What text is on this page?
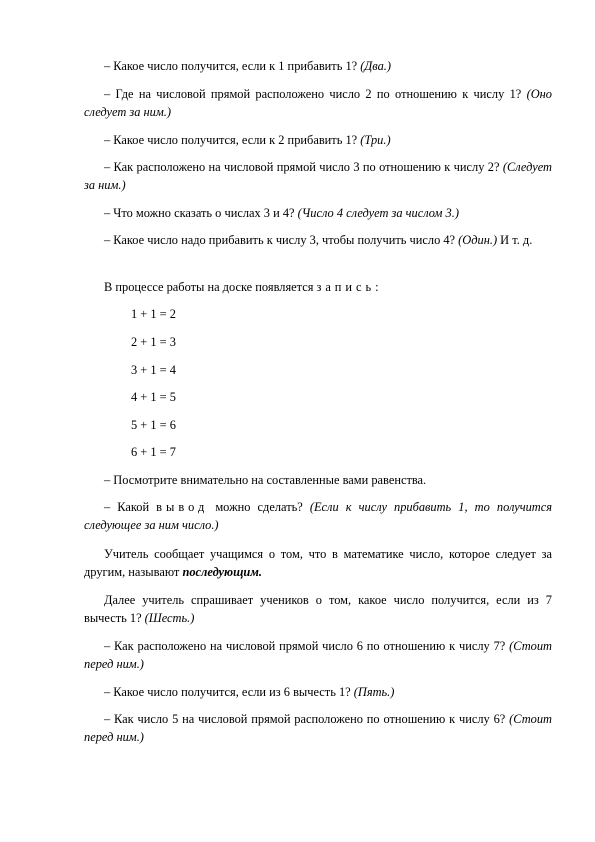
– Какое число получится, если к 1 прибавить 1? (Два.)

– Где на числовой прямой расположено число 2 по отношению к числу 1? (Оно следует за ним.)

– Какое число получится, если к 2 прибавить 1? (Три.)

– Как расположено на числовой прямой число 3 по отношению к числу 2? (Следует за ним.)

– Что можно сказать о числах 3 и 4? (Число 4 следует за числом 3.)

– Какое число надо прибавить к числу 3, чтобы получить число 4? (Один.) И т. д.

В процессе работы на доске появляется запись:

1 + 1 = 2

2 + 1 = 3

3 + 1 = 4

4 + 1 = 5

5 + 1 = 6

6 + 1 = 7

– Посмотрите внимательно на составленные вами равенства.

– Какой вывод можно сделать? (Если к числу прибавить 1, то получится следующее за ним число.)

Учитель сообщает учащимся о том, что в математике число, которое следует за другим, называют последующим.

Далее учитель спрашивает учеников о том, какое число получится, если из 7 вычесть 1? (Шесть.)

– Как расположено на числовой прямой число 6 по отношению к числу 7? (Стоит перед ним.)

– Какое число получится, если из 6 вычесть 1? (Пять.)

– Как число 5 на числовой прямой расположено по отношению к числу 6? (Стоит перед ним.)
